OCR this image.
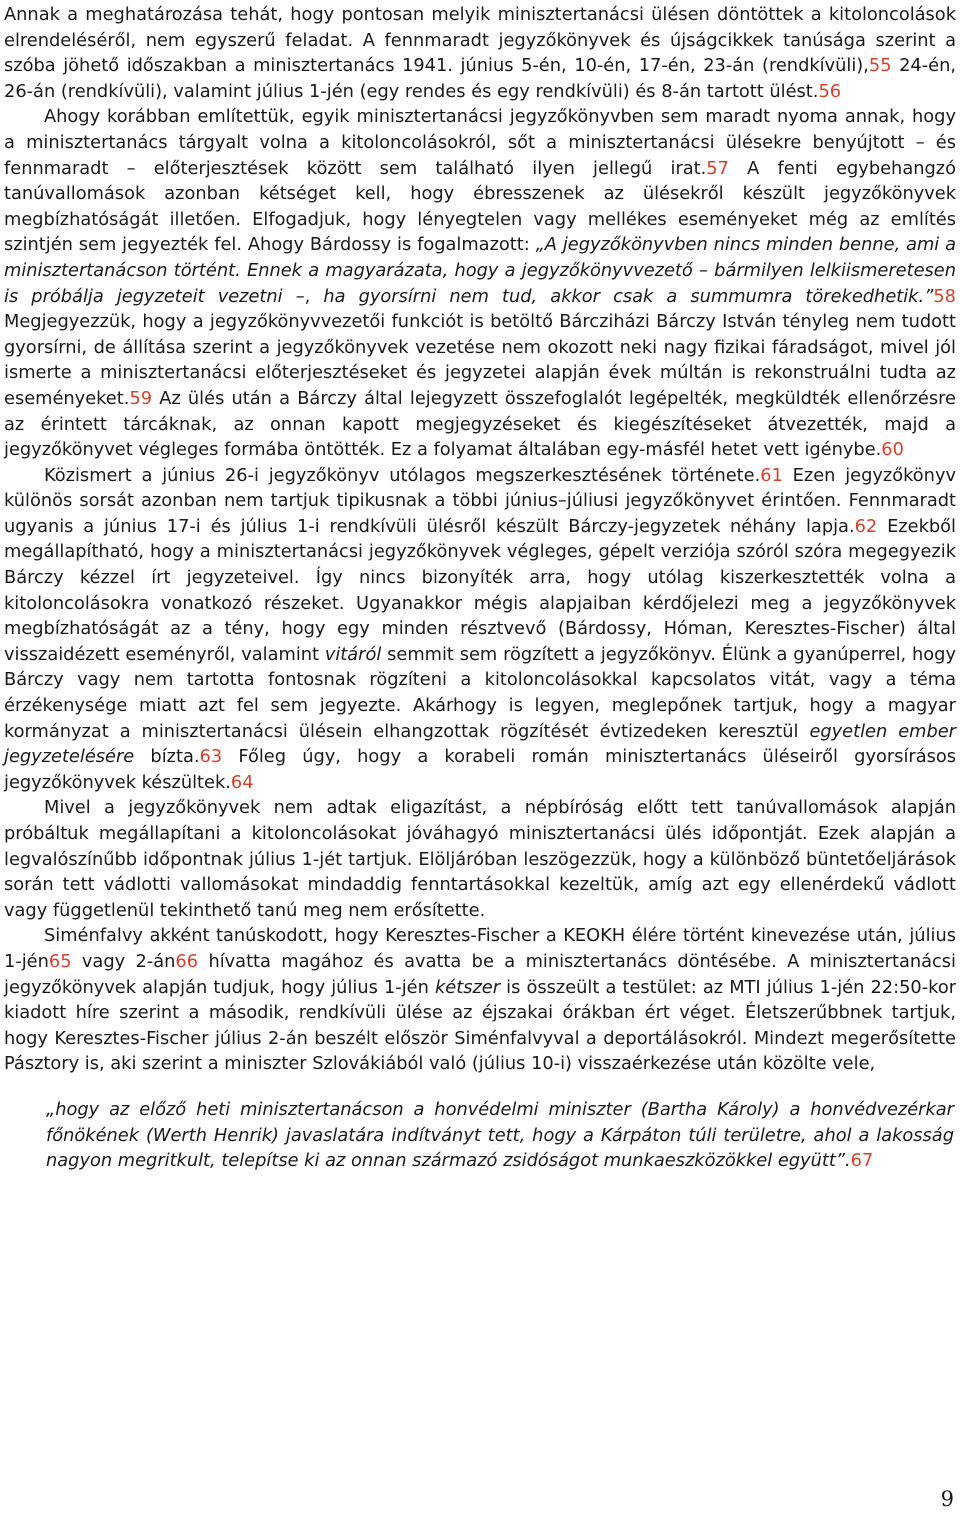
Annak a meghatározása tehát, hogy pontosan melyik minisztertanácsi ülésen döntöttek a kitoloncolások elrendeléséről, nem egyszerű feladat. A fennmaradt jegyzőkönyvek és újságcikkek tanúsága szerint a szóba jöhető időszakban a minisztertanács 1941. június 5-én, 10-én, 17-én, 23-án (rendkívüli),55 24-én, 26-án (rendkívüli), valamint július 1-jén (egy rendes és egy rendkívüli) és 8-án tartott ülést.56

Ahogy korábban említettük, egyik minisztertanácsi jegyzőkönyvben sem maradt nyoma annak, hogy a minisztertanács tárgyalt volna a kitoloncolásokról, sőt a minisztertanácsi ülésekre benyújtott – és fennmaradt – előterjesztések között sem található ilyen jellegű irat.57 A fenti egybehangzó tanúvallomások azonban kétséget kell, hogy ébresszenek az ülésekről készült jegyzőkönyvek megbízhatóságát illetően. Elfogadjuk, hogy lényegtelen vagy mellékes eseményeket még az említés szintjén sem jegyezték fel. Ahogy Bárdossy is fogalmazott: „A jegyzőkönyvben nincs minden benne, ami a minisztertanácson történt. Ennek a magyarázata, hogy a jegyzőkönyvvezető – bármilyen lelkiismeretesen is próbálja jegyzeteit vezetni –, ha gyorsírni nem tud, akkor csak a summumra törekedhetik.”58 Megjegyezzük, hogy a jegyzőkönyvvezetői funkciót is betöltő Bárcziházi Bárczy István tényleg nem tudott gyorsírni, de állítása szerint a jegyzőkönyvek vezetése nem okozott neki nagy fizikai fáradságot, mivel jól ismerte a minisztertanácsi előterjesztéseket és jegyzetei alapján évek múltán is rekonstruálni tudta az eseményeket.59 Az ülés után a Bárczy által lejegyzett összefoglalót legépelték, megküldték ellenőrzésre az érintett tárcáknak, az onnan kapott megjegyzéseket és kiegészítéseket átvezették, majd a jegyzőkönyvet végleges formába öntötték. Ez a folyamat általában egy-másfél hetet vett igénybe.60

Közismert a június 26-i jegyzőkönyv utólagos megszerkesztésének története.61 Ezen jegyzőkönyv különös sorsát azonban nem tartjuk tipikusnak a többi június–júliusi jegyzőkönyvet érintően. Fennmaradt ugyanis a június 17-i és július 1-i rendkívüli ülésről készült Bárczy-jegyzetek néhány lapja.62 Ezekből megállapítható, hogy a minisztertanácsi jegyzőkönyvek végleges, gépelt verziója szóról szóra megegyezik Bárczy kézzel írt jegyzeteivel. Így nincs bizonyíték arra, hogy utólag kiszerkesztették volna a kitoloncolásokra vonatkozó részeket. Ugyanakkor mégis alapjaiban kérdőjelezi meg a jegyzőkönyvek megbízhatóságát az a tény, hogy egy minden résztvevő (Bárdossy, Hóman, Keresztes-Fischer) által visszaidézett eseményről, valamint vitáról semmit sem rögzített a jegyzőkönyv. Élünk a gyanúperrel, hogy Bárczy vagy nem tartotta fontosnak rögzíteni a kitoloncolásokkal kapcsolatos vitát, vagy a téma érzékenysége miatt azt fel sem jegyezte. Akárhogy is legyen, meglepőnek tartjuk, hogy a magyar kormányzat a minisztertanácsi ülésein elhangzottak rögzítését évtizedeken keresztül egyetlen ember jegyzetelésére bízta.63 Főleg úgy, hogy a korabeli román minisztertanács üléseiről gyorsírásos jegyzőkönyvek készültek.64

Mivel a jegyzőkönyvek nem adtak eligazítást, a népbíróság előtt tett tanúvallomások alapján próbáltuk megállapítani a kitoloncolásokat jóváhagyó minisztertanácsi ülés időpontját. Ezek alapján a legvalószínűbb időpontnak július 1-jét tartjuk. Elöljáróban leszögezzük, hogy a különböző büntetőeljárások során tett vádlotti vallomásokat mindaddig fenntartásokkal kezeltük, amíg azt egy ellenérdekű vádlott vagy függetlenül tekinthető tanú meg nem erősítette.

Siménfalvy akként tanúskodott, hogy Keresztes-Fischer a KEOKH élére történt kinevezése után, július 1-jén65 vagy 2-án66 hívatta magához és avatta be a minisztertanács döntésébe. A minisztertanácsi jegyzőkönyvek alapján tudjuk, hogy július 1-jén kétszer is összeült a testület: az MTI július 1-jén 22:50-kor kiadott híre szerint a második, rendkívüli ülése az éjszakai órákban ért véget. Életszerűbbnek tartjuk, hogy Keresztes-Fischer július 2-án beszélt először Siménfalvyval a deportálásokról. Mindezt megerősítette Pásztory is, aki szerint a miniszter Szlovákiából való (július 10-i) visszaérkezése után közölte vele,

„hogy az előző heti minisztertanácson a honvédelmi miniszter (Bartha Károly) a honvédvezérkar főnökének (Werth Henrik) javaslatára indítványt tett, hogy a Kárpáton túli területre, ahol a lakosság nagyon megritkult, telepítse ki az onnan származó zsidóságot munkaeszközökkel együtt”.67

9
